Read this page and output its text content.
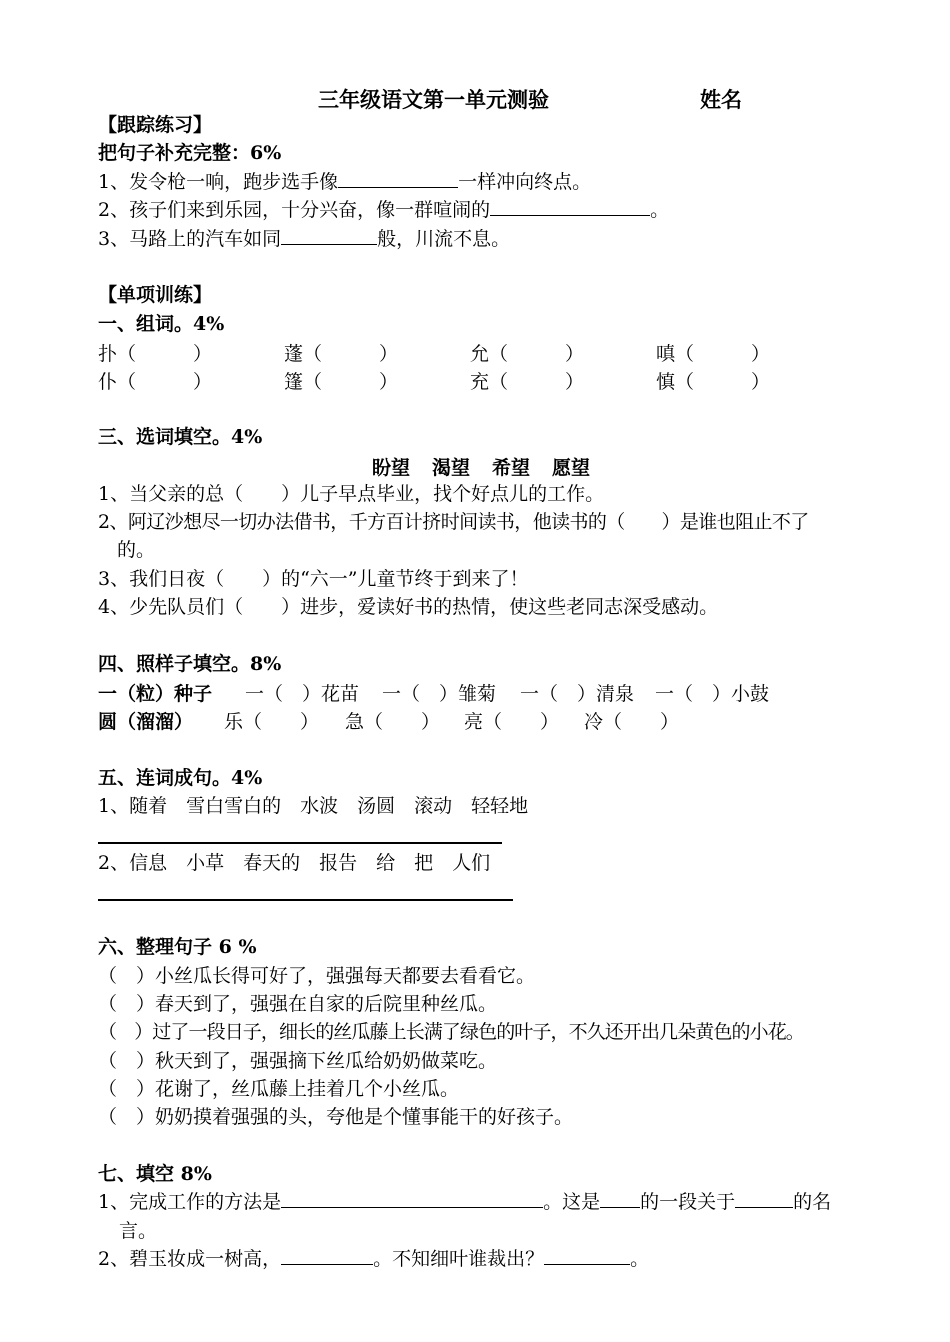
三年级语文第一单元测验	姓名
【跟踪练习】
把句子补充完整：6%
1、发令枪一响，跑步选手像	一样冲向终点。
2、孩子们来到乐园，十分兴奋，像一群喧闹的	。
3、马路上的汽车如同	般，川流不息。
【单项训练】
一、组词。4%
扑（　　　）	蓬（　　　）	允（　　　）	嗔（　　　）
仆（　　　）	篷（　　　）	充（　　　）	慎（　　　）
三、选词填空。4%
盼望 渴望 希望 愿望
1、当父亲的总（　　）儿子早点毕业，找个好点儿的工作。
2、阿辽沙想尽一切办法借书，千方百计挤时间读书，他读书的（　　）是谁也阻止不了
　的。
3、我们日夜（　　）的“六一”儿童节终于到来了！
4、少先队员们（　　）进步，爱读好书的热情，使这些老同志深受感动。
四、照样子填空。8%
一（粒）种子 一（　）花苗 一（　）雏菊 一（　）清泉 一（　）小鼓
圆（溜溜） 乐（　　） 急（　　） 亮（　　） 冷（　　）
五、连词成句。4%
1、随着　雪白雪白的　水波　汤圆　滚动　轻轻地
2、信息　小草　春天的　报告　给　把　人们
六、整理句子 6 %
（　）小丝瓜长得可好了，强强每天都要去看看它。
（　）春天到了，强强在自家的后院里种丝瓜。
（　）过了一段日子，细长的丝瓜藤上长满了绿色的叶子，不久还开出几朵黄色的小花。
（　）秋天到了，强强摘下丝瓜给奶奶做菜吃。
（　）花谢了，丝瓜藤上挂着几个小丝瓜。
（　）奶奶摸着强强的头，夸他是个懂事能干的好孩子。
七、填空 8%
1、完成工作的方法是	。这是 的一段关于	的名
言。
2、碧玉妆成一树高，	。不知细叶谁裁出？	。
